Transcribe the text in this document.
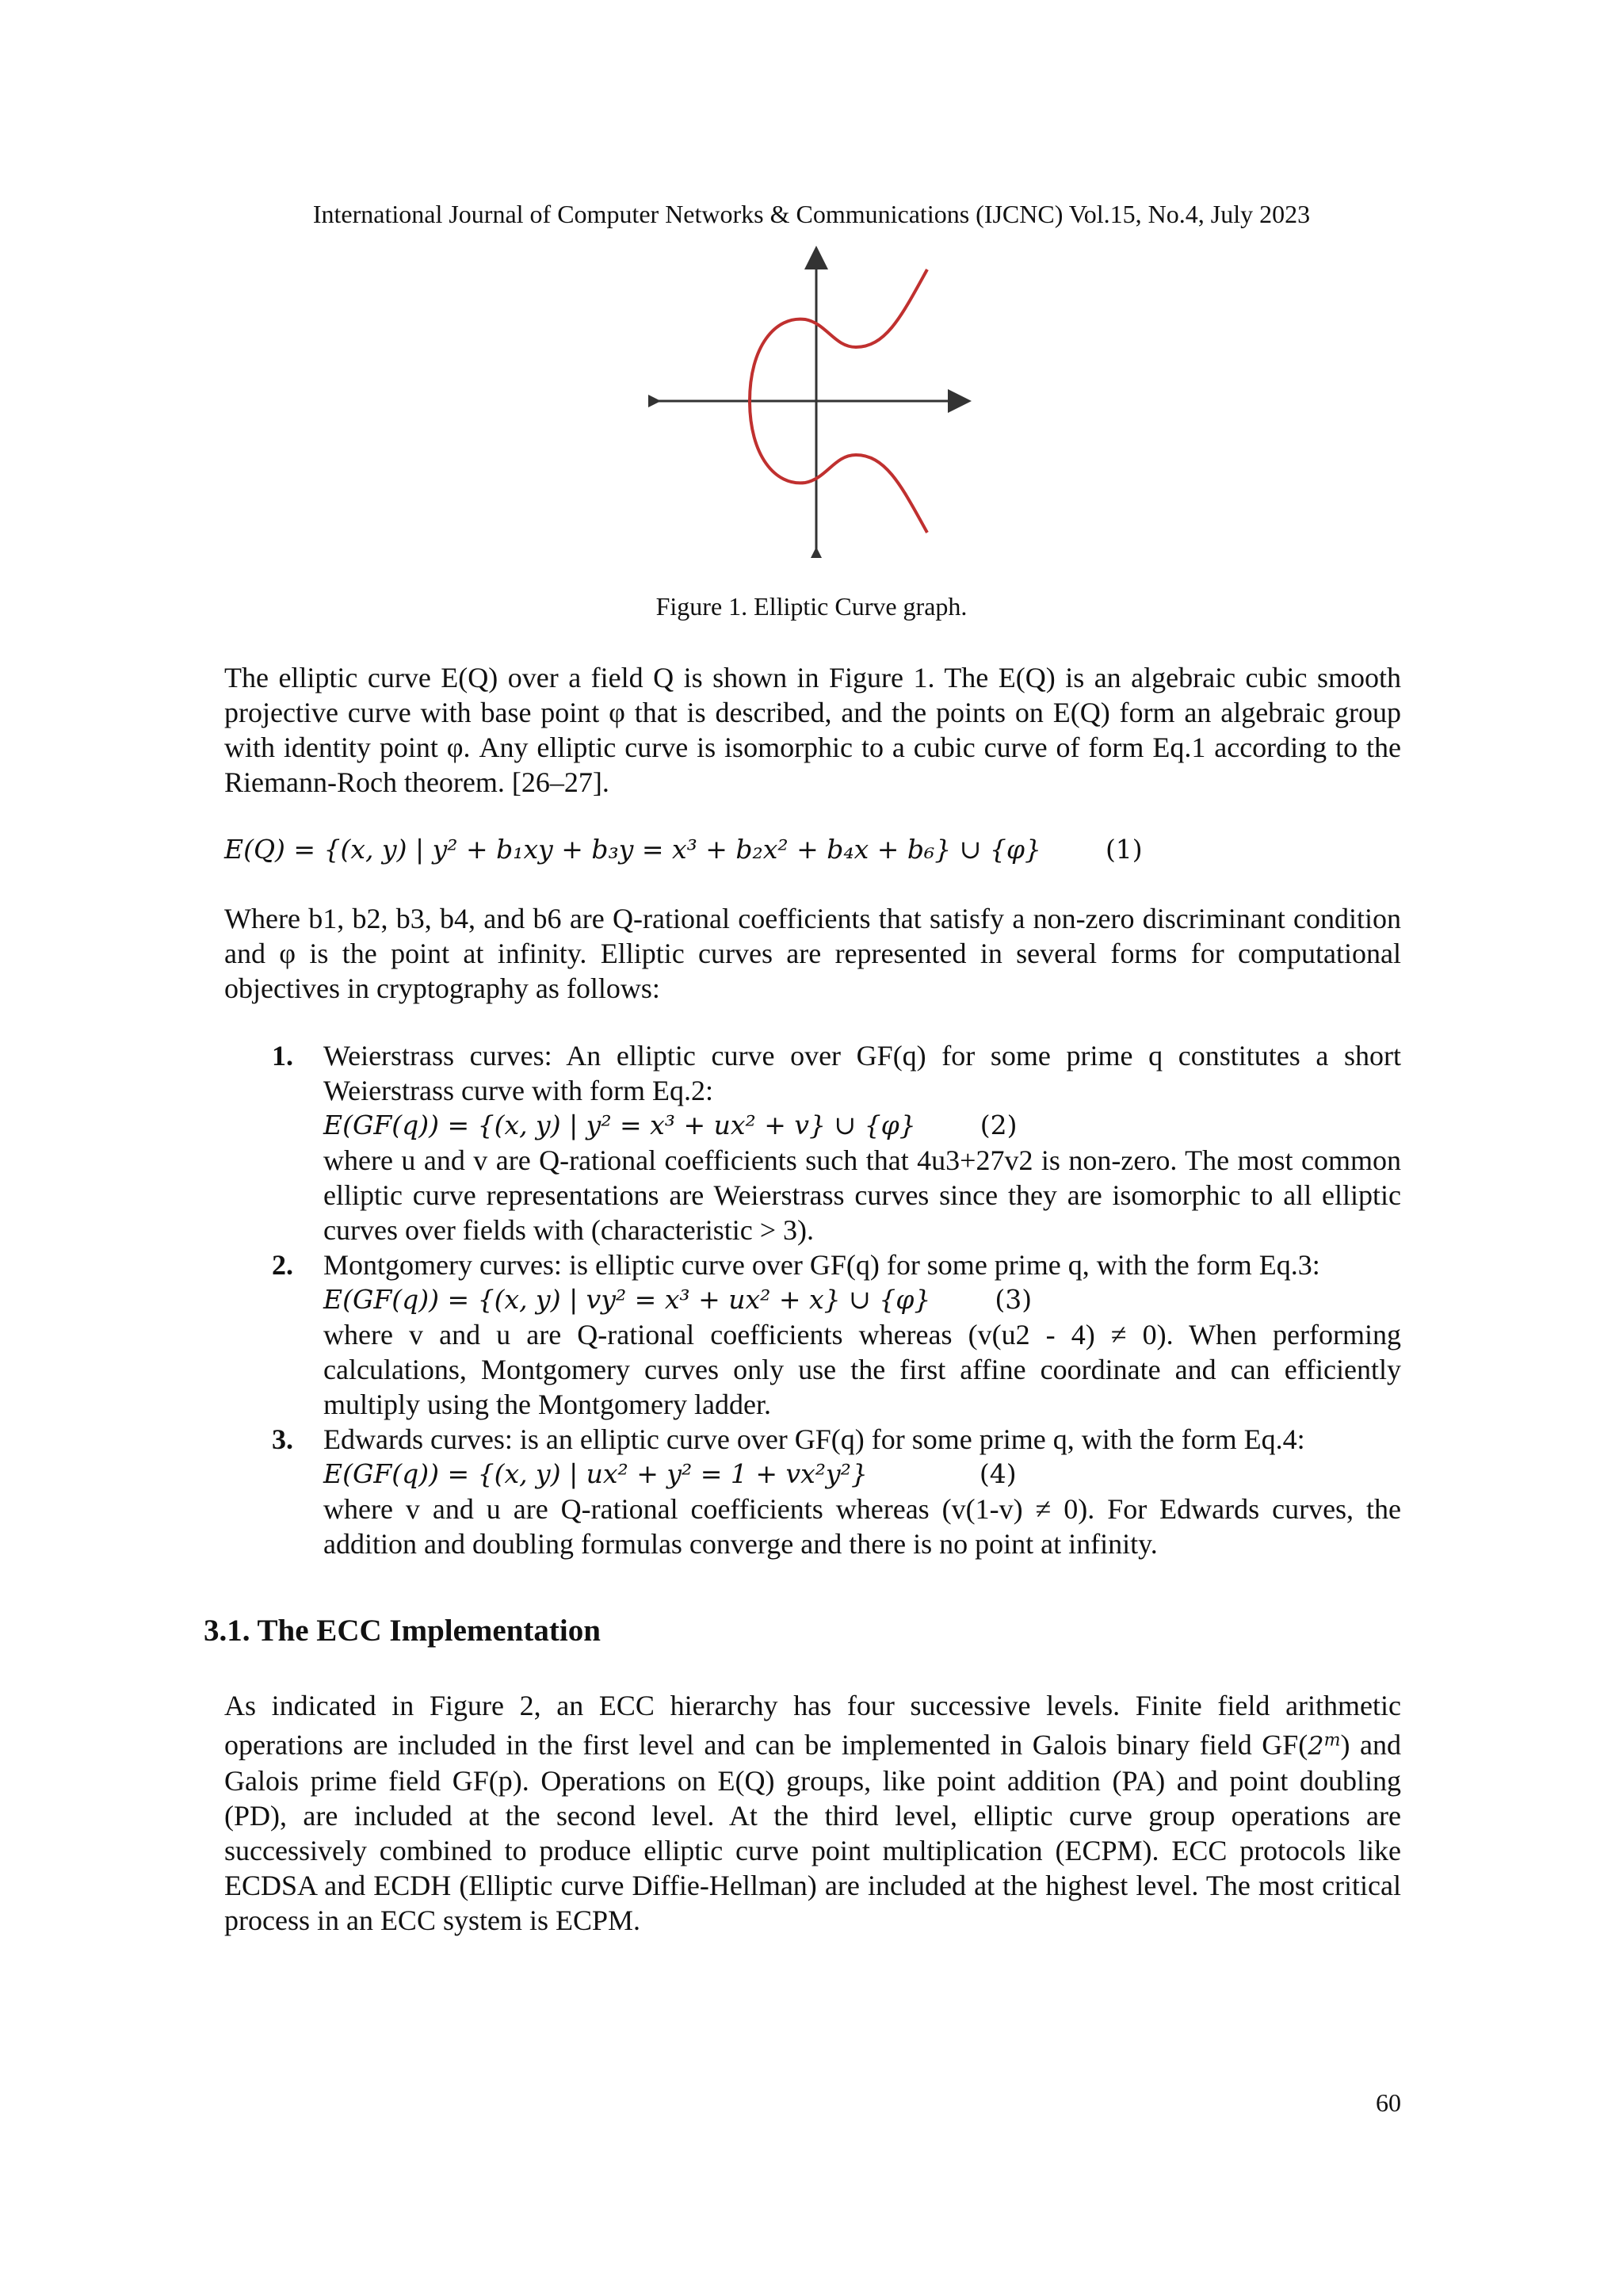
International Journal of Computer Networks & Communications (IJCNC) Vol.15, No.4, July 2023
Figure 1. Elliptic Curve graph.
The elliptic curve E(Q) over a field Q is shown in Figure 1. The E(Q) is an algebraic cubic smooth projective curve with base point φ that is described, and the points on E(Q) form an algebraic group with identity point φ. Any elliptic curve is isomorphic to a cubic curve of form Eq.1 according to the Riemann-Roch theorem. [26–27].
E(Q) = {(x, y) | y² + b₁xy + b₃y = x³ + b₂x² + b₄x + b₆} ∪ {φ} (1)
Where b1, b2, b3, b4, and b6 are Q-rational coefficients that satisfy a non-zero discriminant condition and φ is the point at infinity. Elliptic curves are represented in several forms for computational objectives in cryptography as follows:
1. Weierstrass curves: An elliptic curve over GF(q) for some prime q constitutes a short Weierstrass curve with form Eq.2:
E(GF(q)) = {(x, y) | y² = x³ + ux² + v} ∪ {φ} (2)
where u and v are Q-rational coefficients such that 4u3+27v2 is non-zero. The most common elliptic curve representations are Weierstrass curves since they are isomorphic to all elliptic curves over fields with (characteristic > 3).
2. Montgomery curves: is elliptic curve over GF(q) for some prime q, with the form Eq.3:
E(GF(q)) = {(x, y) | vy² = x³ + ux² + x} ∪ {φ} (3)
where v and u are Q-rational coefficients whereas (v(u2 - 4) ≠ 0). When performing calculations, Montgomery curves only use the first affine coordinate and can efficiently multiply using the Montgomery ladder.
3. Edwards curves: is an elliptic curve over GF(q) for some prime q, with the form Eq.4:
E(GF(q)) = {(x, y) | ux² + y² = 1 + vx²y²}	(4)
where v and u are Q-rational coefficients whereas (v(1-v) ≠ 0). For Edwards curves, the addition and doubling formulas converge and there is no point at infinity.
3.1. The ECC Implementation
As indicated in Figure 2, an ECC hierarchy has four successive levels. Finite field arithmetic operations are included in the first level and can be implemented in Galois binary field GF(2$^m$) and Galois prime field GF(p). Operations on E(Q) groups, like point addition (PA) and point doubling (PD), are included at the second level. At the third level, elliptic curve group operations are successively combined to produce elliptic curve point multiplication (ECPM). ECC protocols like ECDSA and ECDH (Elliptic curve Diffie-Hellman) are included at the highest level. The most critical process in an ECC system is ECPM.
60
